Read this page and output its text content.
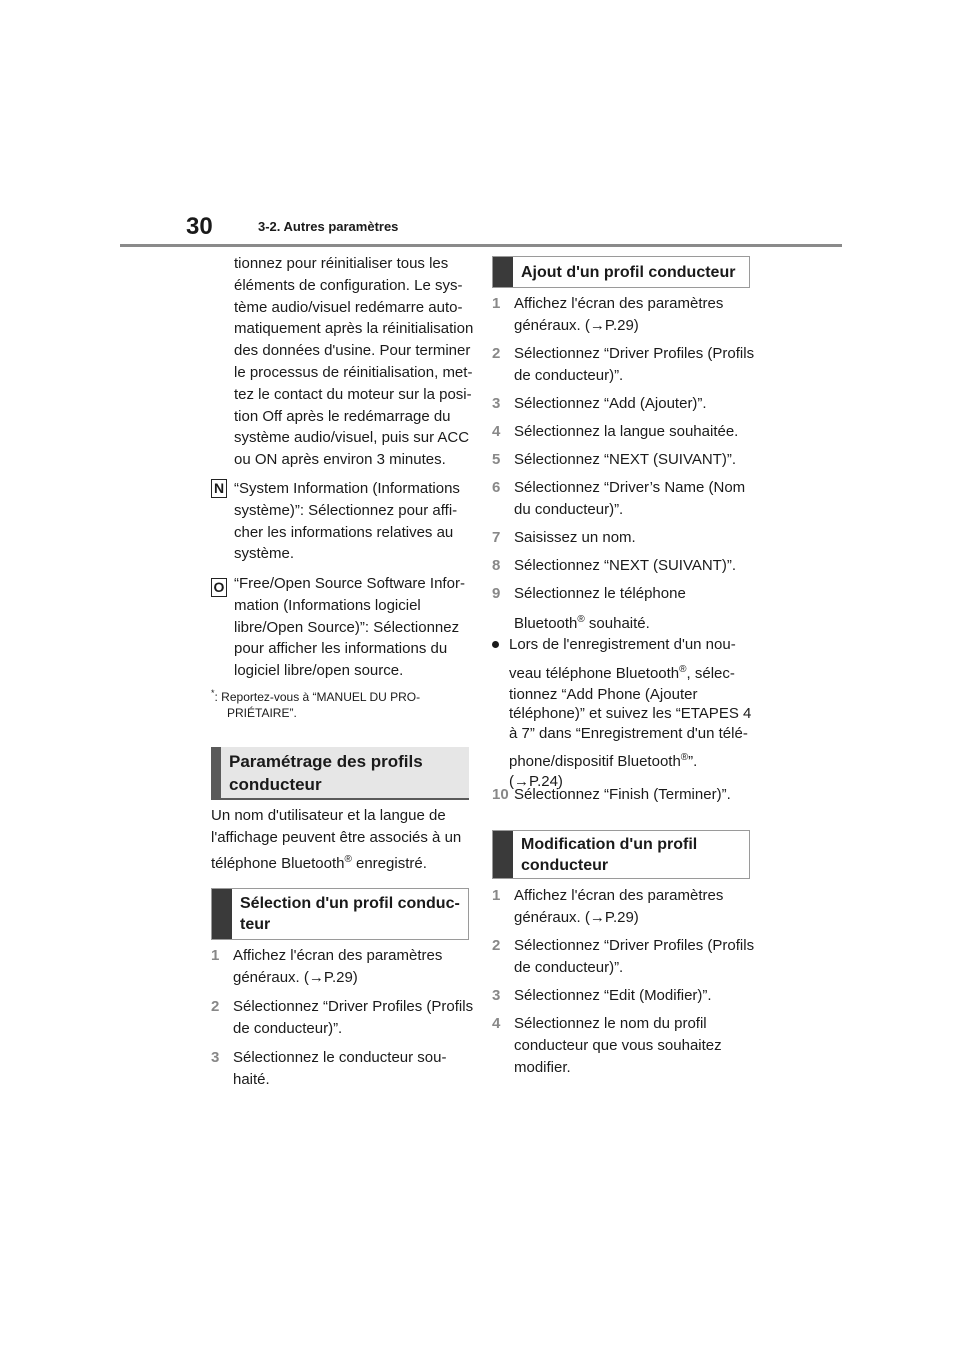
30	3-2. Autres paramètres
tionnez pour réinitialiser tous les
éléments de configuration. Le sys-
tème audio/visuel redémarre auto-
matiquement après la réinitialisation
des données d'usine. Pour terminer
le processus de réinitialisation, met-
tez le contact du moteur sur la posi-
tion Off après le redémarrage du
système audio/visuel, puis sur ACC
ou ON après environ 3 minutes.
N “System Information (Informations
système)”: Sélectionnez pour affi-
cher les informations relatives au
système.
O “Free/Open Source Software Infor-
mation (Informations logiciel
libre/Open Source)”: Sélectionnez
pour afficher les informations du
logiciel libre/open source.
*: Reportez-vous à “MANUEL DU PRO-
PRIÉTAIRE”.
Paramétrage des profils
conducteur
Un nom d'utilisateur et la langue de
l'affichage peuvent être associés à un
téléphone Bluetooth® enregistré.
Sélection d'un profil conduc-
teur
1 Affichez l'écran des paramètres
généraux. (→P.29)
2 Sélectionnez “Driver Profiles (Profils
de conducteur)”.
3 Sélectionnez le conducteur sou-
haité.
Ajout d'un profil conducteur
1 Affichez l'écran des paramètres
généraux. (→P.29)
2 Sélectionnez “Driver Profiles (Profils
de conducteur)”.
3 Sélectionnez “Add (Ajouter)”.
4 Sélectionnez la langue souhaitée.
5 Sélectionnez “NEXT (SUIVANT)”.
6 Sélectionnez “Driver’s Name (Nom
du conducteur)”.
7 Saisissez un nom.
8 Sélectionnez “NEXT (SUIVANT)”.
9 Sélectionnez le téléphone
Bluetooth® souhaité.
Lors de l'enregistrement d'un nou-
veau téléphone Bluetooth®, sélec-
tionnez “Add Phone (Ajouter
téléphone)” et suivez les “ETAPES 4
à 7” dans “Enregistrement d'un télé-
phone/dispositif Bluetooth®”.
(→P.24)
10 Sélectionnez “Finish (Terminer)”.
Modification d'un profil
conducteur
1 Affichez l'écran des paramètres
généraux. (→P.29)
2 Sélectionnez “Driver Profiles (Profils
de conducteur)”.
3 Sélectionnez “Edit (Modifier)”.
4 Sélectionnez le nom du profil
conducteur que vous souhaitez
modifier.
